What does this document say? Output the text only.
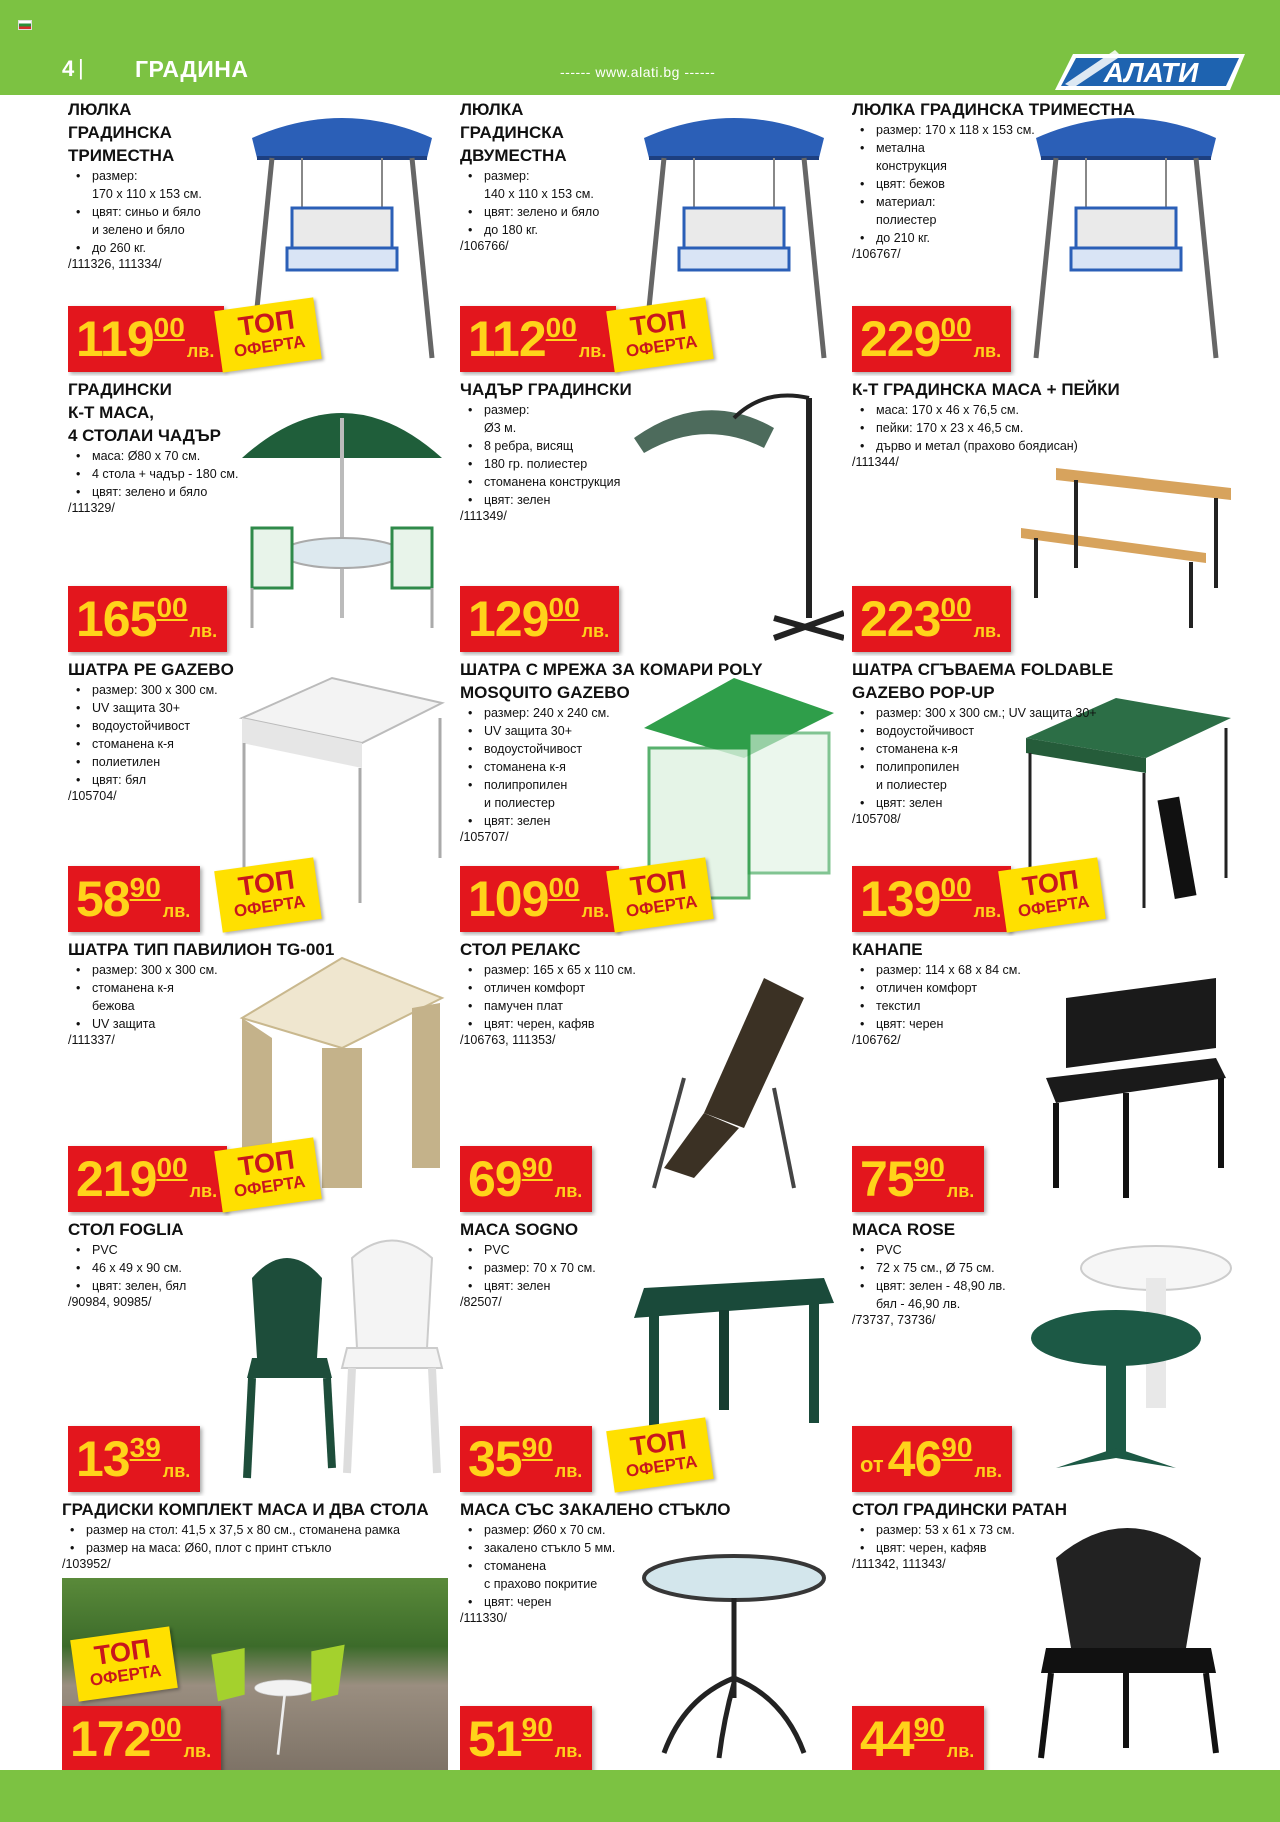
4 | ГРАДИНА	------ www.alati.bg ------	АЛАТИ
ЛЮЛКА
ГРАДИНСКА
ТРИМЕСТНА
• размер:
170 x 110 x 153 см.
• цвят: синьо и бяло
и зелено и бяло
• до 260 кг.
/111326, 111334/
119 00
лв.
ТОП
ОФЕРТА
ЛЮЛКА
ГРАДИНСКА
ДВУМЕСТНА
• размер:
140 x 110 x 153 см.
• цвят: зелено и бяло
• до 180 кг.
/106766/
112 00
лв.
ТОП
ОФЕРТА
ЛЮЛКА ГРАДИНСКА ТРИМЕСТНА
• размер: 170 x 118 x 153 см.
• метална
конструкция
• цвят: бежов
• материал:
полиестер
• до 210 кг.
/106767/
229 00
лв.
ГРАДИНСКИ
К-Т МАСА,
4 СТОЛАИ ЧАДЪР
• маса: Ø80 x 70 см.
• 4 стола + чадър - 180 см.
• цвят: зелено и бяло
/111329/
165 00
лв.
ЧАДЪР ГРАДИНСКИ
• размер:
Ø3 м.
• 8 ребра, висящ
• 180 гр. полиестер
• стоманена конструкция
• цвят: зелен
/111349/
129 00
лв.
К-Т ГРАДИНСКА МАСА + ПЕЙКИ
• маса: 170 x 46 x 76,5 см.
• пейки: 170 x 23 x 46,5 см.
• дърво и метал (прахово боядисан)
/111344/
223 00
лв.
ШАТРА PE GAZEBO
• размер: 300 x 300 см.
• UV защита 30+
• водоустойчивост
• стоманена к-я
• полиетилен
• цвят: бял
/105704/
58 90
лв.
ТОП
ОФЕРТА
ШАТРА С МРЕЖА ЗА КОМАРИ POLY
MOSQUITO GAZEBO
• размер: 240 x 240 см.
• UV защита 30+
• водоустойчивост
• стоманена к-я
• полипропилен
и полиестер
• цвят: зелен
/105707/
109 00
лв.
ТОП
ОФЕРТА
ШАТРА СГЪВАЕМА FOLDABLE
GAZEBO POP-UP
• размер: 300 x 300 см.; UV защита 30+
• водоустойчивост
• стоманена к-я
• полипропилен
и полиестер
• цвят: зелен
/105708/
139 00
лв.
ТОП
ОФЕРТА
ШАТРА ТИП ПАВИЛИОН TG-001
• размер: 300 x 300 см.
• стоманена к-я
бежова
• UV защита
/111337/
219 00
лв.
ТОП
ОФЕРТА
СТОЛ РЕЛАКС
• размер: 165 x 65 x 110 см.
• отличен комфорт
• памучен плат
• цвят: черен, кафяв
/106763, 111353/
69 90
лв.
КАНАПЕ
• размер: 114 x 68 x 84 см.
• отличен комфорт
• текстил
• цвят: черен
/106762/
75 90
лв.
СТОЛ FOGLIA
• PVC
• 46 x 49 x 90 см.
• цвят: зелен, бял
/90984, 90985/
13 39
лв.
МАСА SOGNO
• PVC
• размер: 70 x 70 см.
• цвят: зелен
/82507/
35 90
лв.
ТОП
ОФЕРТА
МАСА ROSE
• PVC
• 72 x 75 см., Ø 75 см.
• цвят: зелен - 48,90 лв.
бял - 46,90 лв.
/73737, 73736/
от 46 90
лв.
ГРАДИСКИ КОМПЛЕКТ МАСА И ДВА СТОЛА
• размер на стол: 41,5 x 37,5 x 80 см., стоманена рамка
• размер на маса: Ø60, плот с принт стъкло
/103952/
172 00
лв.
ТОП
ОФЕРТА
МАСА СЪС ЗАКАЛЕНО СТЪКЛО
• размер: Ø60 x 70 см.
• закалено стъкло 5 мм.
• стоманена
с прахово покритие
• цвят: черен
/111330/
51 90
лв.
СТОЛ ГРАДИНСКИ РАТАН
• размер: 53 x 61 x 73 см.
• цвят: черен, кафяв
/111342, 111343/
44 90
лв.
